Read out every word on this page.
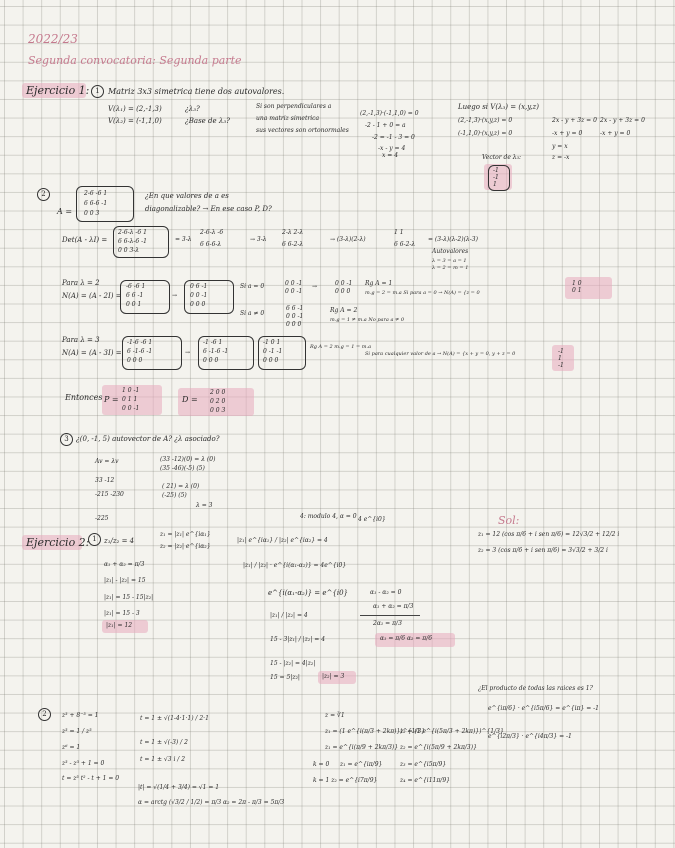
2022/23
Segunda convocatoria: Segunda parte
Ejercicio 1: 1	Matriz 3x3 simetrica tiene dos autovalores.
V(λ₁) = (2,-1,3)
V(λ₂) = (-1,1,0)
¿λ₃?
¿Base de λ₃?
Si son perpendiculares a
una matriz simetrica
sus vectores son ortonormales
(2,-1,3)·(-1,1,0) = 0
-2 - 1 + 0 = a
-2 = -1 - 3 = 0
-x - y = 4
x = 4
Luego si V(λ₃) = (x,y,z)
(2,-1,3)·(x,y,z) = 0
(-1,1,0)·(x,y,z) = 0
2x - y + 3z = 0
-x + y = 0
y = x
z = -x
Vector de λ₃:
-1
-1
1
2x - y + 3z = 0
-x + y = 0
2
A =
2-6 -6 1
6 6-6 -1
0 0 3
¿En que valores de a es
diagonalizable? → En ese caso P, D?
Det(A - λI) =
2-6-λ -6 1
6 6-λ-6 -1
0 0 3-λ
= 3-λ
2-6-λ -6
6 6-6-λ
→ 3-λ
2-λ 2-λ
6 6-2-λ
→ (3-λ)(2-λ)
1 1
6 6-2-λ
= (3-λ)(λ-2)(λ-3)
Autovalores
λ = 3 = a = 1
λ = 2 = m = 1
Para λ = 2
N(A) = (A - 2I) =
-6 -6 1
6 6 -1
0 0 1
→
0 6 -1
0 0 -1
0 0 0
Si a = 0
Si a ≠ 0
0 0 -1
0 0 -1
→	0 0 -1
0 0 0
Rg A = 1
m.g = 2 = m.a Si para a = 0 → N(A) = {z = 0
1 0
0 1
6 6 -1
0 0 -1
0 0 0
Rg A = 2
m.g = 1 ≠ m.a No para a ≠ 0
Para λ = 3
N(A) = (A - 3I) =
-1-6 -6 1
6 -1-6 -1
0 0 0
→
-1 -6 1
6 -1-6 -1
0 0 0
-1 0 1
0 -1 -1
0 0 0
Rg A = 2 m.g = 1 = m.a
Si para cualquier valor de a → N(A) = {x + y = 0, y + z = 0	-1
1
-1
Entonces P =
1 0 -1
0 1 1
0 0 -1
D =
2 0 0
0 2 0
0 0 3
3	¿(0, -1, 5) autovector de A? ¿λ asociado?
Av = λv	(33 -12)(0) = λ (0)
(35 -46)(-5) (5)
33 -12
-215 -230
-225
( 21) = λ (0)
(-25) (5)
λ = 3
Ejercicio 2: 1	z₁/z₂ = 4
z₁ = |z₁| e^{iα₁}
z₂ = |z₂| e^{iα₂}
|z₁| e^{iα₁} / |z₂| e^{iα₂} = 4
4: modulo 4, α = 0 4 e^{i0}
α₁ + α₂ = π/3
|z₁| - |z₂| = 15
|z₁| = 15 - 15|z₂|
|z₁| = 15 - 3
|z₁| = 12
|z₁| / |z₂| · e^{i(α₁-α₂)} = 4e^{i0}
e^{i(α₁-α₂)} = e^{i0}	α₁ - α₂ = 0
α₁ + α₂ = π/3
2α₁ = π/3
α₁ = π/6 α₂ = π/6
|z₁| / |z₂| = 4
15 - 3|z₁| / |z₂| = 4
15 - |z₂| = 4|z₂|
15 = 5|z₂|	|z₂| = 3
Sol:
z₁ = 12 (cos π/6 + i sen π/6) = 12√3/2 + 12/2 i
z₂ = 3 (cos π/6 + i sen π/6) = 3√3/2 + 3/2 i
¿El producto de todas las raices es 1?
e^{iπ/6} · e^{i5π/6} = e^{iπ} = -1
e^{i2π/3} · e^{i4π/3} = -1
2	z³ + 8⁻³ = 1
z³ = 1 / z³
z⁶ = 1
z³ - z³ + 1 = 0
t = z³ t² - t + 1 = 0
t = 1 ± √(1-4·1·1) / 2·1
t = 1 ± √(-3) / 2
t = 1 ± √3 i / 2
|t| = √(1/4 + 3/4) = √1 = 1
α = arctg (√3/2 / 1/2) = π/3 α₂ = 2π - π/3 = 5π/3
z = ∛1
z₁ = (1 e^{i(π/3 + 2kπ)})^{1/3}
z₁ = e^{i(π/9 + 2kπ/3)}
k = 0 z₁ = e^{iπ/9}
k = 1 z₂ = e^{i7π/9}
z₂ = (1 e^{i(5π/3 + 2kπ)})^{1/3}
z₂ = e^{i(5π/9 + 2kπ/3)}
z₃ = e^{i5π/9}
z₄ = e^{i11π/9}
